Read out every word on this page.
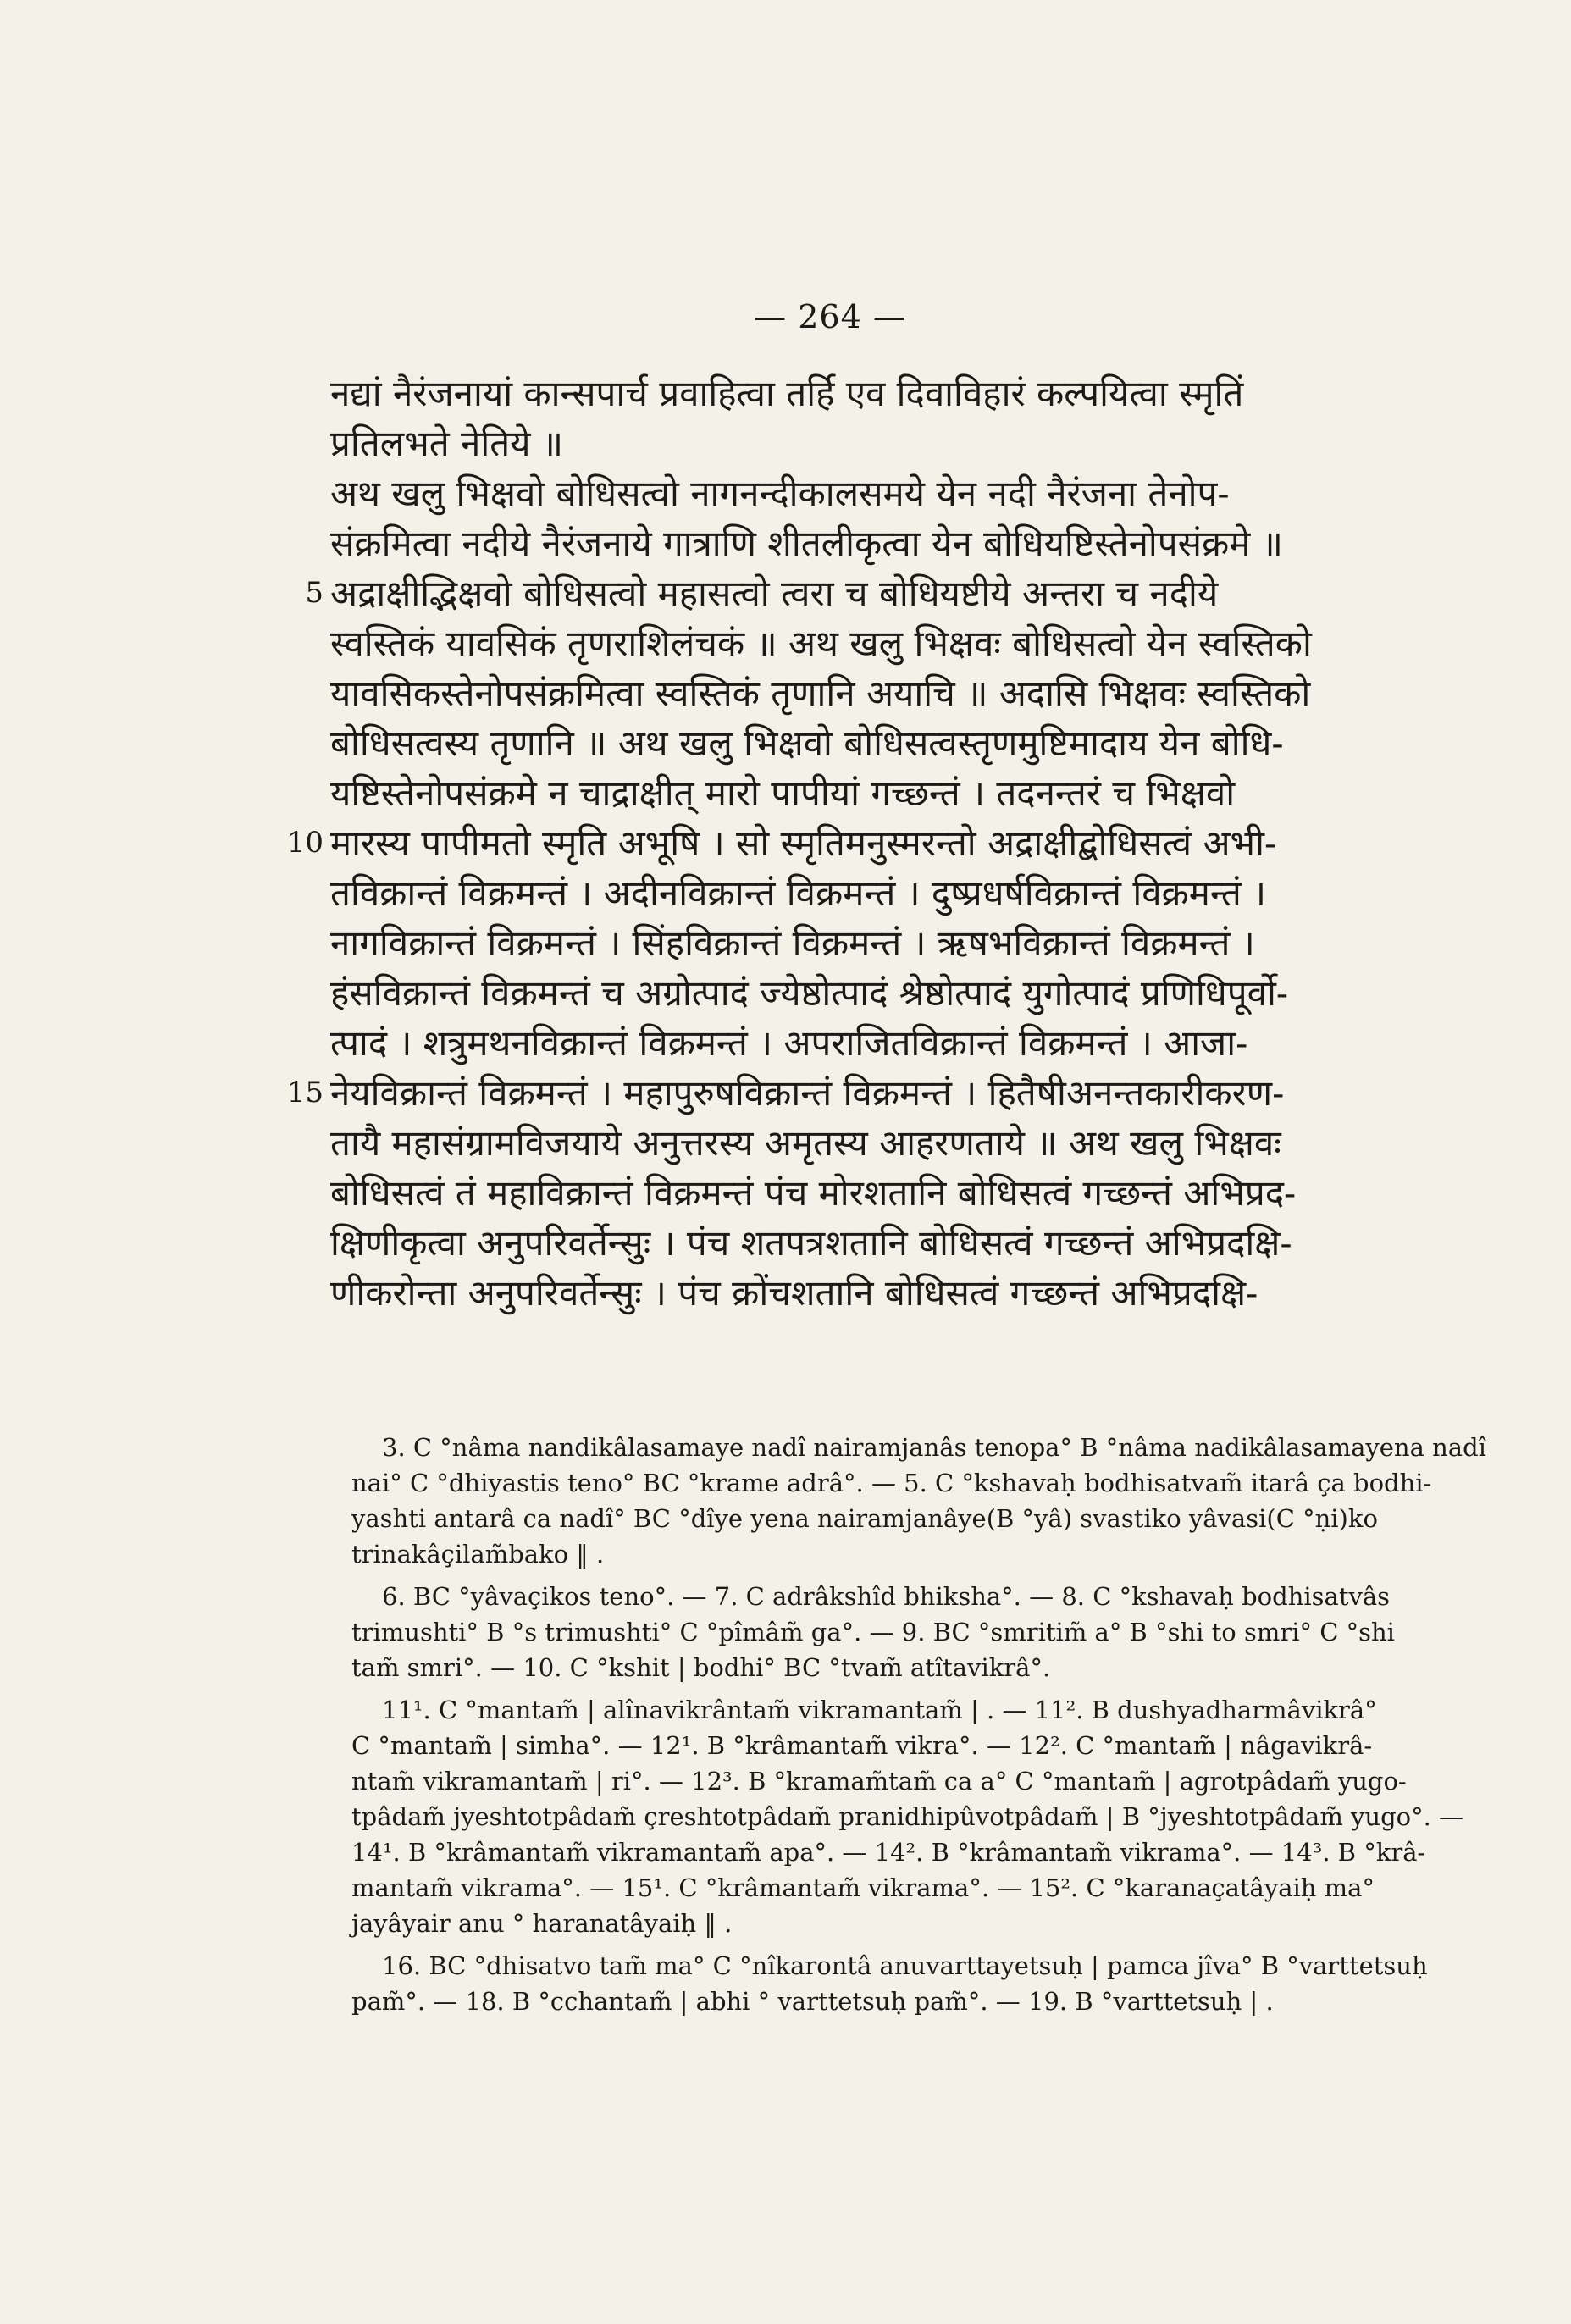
— 264 —
नद्यां नैरंजनायां कान्सपार्च प्रवाहित्वा तर्हि एव दिवाविहारं कल्पयित्वा स्मृतिं
प्रतिलभते नेतिये ॥
अथ खलु भिक्षवो बोधिसत्वो नागनन्दीकालसमये येन नदी नैरंजना तेनोप-
संक्रमित्वा नदीये नैरंजनाये गात्राणि शीतलीकृत्वा येन बोधियष्टिस्तेनोपसंक्रमे ॥
5 अद्राक्षीद्भिक्षवो बोधिसत्वो महासत्वो त्वरा च बोधियष्टीये अन्तरा च नदीये
स्वस्तिकं यावसिकं तृणराशिलंचकं ॥ अथ खलु भिक्षवः बोधिसत्वो येन स्वस्तिको
यावसिकस्तेनोपसंक्रमित्वा स्वस्तिकं तृणानि अयाचि ॥ अदासि भिक्षवः स्वस्तिको
बोधिसत्वस्य तृणानि ॥ अथ खलु भिक्षवो बोधिसत्वस्तृणमुष्टिमादाय येन बोधि-
यष्टिस्तेनोपसंक्रमे न चाद्राक्षीत् मारो पापीयां गच्छन्तं । तदनन्तरं च भिक्षवो
10 मारस्य पापीमतो स्मृति अभूषि । सो स्मृतिमनुस्मरन्तो अद्राक्षीद्बोधिसत्वं अभी-
तविक्रान्तं विक्रमन्तं । अदीनविक्रान्तं विक्रमन्तं । दुष्प्रधर्षविक्रान्तं विक्रमन्तं ।
नागविक्रान्तं विक्रमन्तं । सिंहविक्रान्तं विक्रमन्तं । ऋषभविक्रान्तं विक्रमन्तं ।
हंसविक्रान्तं विक्रमन्तं च अग्रोत्पादं ज्येष्ठोत्पादं श्रेष्ठोत्पादं युगोत्पादं प्रणिधिपूर्वो-
त्पादं । शत्रुमथनविक्रान्तं विक्रमन्तं । अपराजितविक्रान्तं विक्रमन्तं । आजा-
15 नेयविक्रान्तं विक्रमन्तं । महापुरुषविक्रान्तं विक्रमन्तं । हितैषीअनन्तकारीकरण-
तायै महासंग्रामविजयाये अनुत्तरस्य अमृतस्य आहरणताये ॥ अथ खलु भिक्षवः
बोधिसत्वं तं महाविक्रान्तं विक्रमन्तं पंच मोरशतानि बोधिसत्वं गच्छन्तं अभिप्रद-
क्षिणीकृत्वा अनुपरिवर्तेन्सुः । पंच शतपत्रशतानि बोधिसत्वं गच्छन्तं अभिप्रदक्षि-
णीकरोन्ता अनुपरिवर्तेन्सुः । पंच क्रोंचशतानि बोधिसत्वं गच्छन्तं अभिप्रदक्षि-
3. C °nâma nandikâlasamaye nadî nairamjanâs tenopa° B °nâma nadikâlasamayena nadî
nai° C °dhiyastis teno° BC °krame adrâ°. — 5. C °kshavaḥ bodhisatvam̃ itarâ ça bodhi-
yashti antarâ ca nadî° BC °dîye yena nairamjanâye(B °yâ) svastiko yâvasi(C °ṇi)ko
trinakâçilam̃bako ‖ .
6. BC °yâvaçikos teno°. — 7. C adrâkshîd bhiksha°. — 8. C °kshavaḥ bodhisatvâs
trimushti° B °s trimushti° C °pîmâm̃ ga°. — 9. BC °smritim̃ a° B °shi to smri° C °shi
tam̃ smri°. — 10. C °kshit | bodhi° BC °tvam̃ atîtavikrâ°.
11¹. C °mantam̃ | alînavikrântam̃ vikramantam̃ | . — 11². B dushyadharmâvikrâ°
C °mantam̃ | simha°. — 12¹. B °krâmantam̃ vikra°. — 12². C °mantam̃ | nâgavikrâ-
ntam̃ vikramantam̃ | ri°. — 12³. B °kramam̃tam̃ ca a° C °mantam̃ | agrotpâdam̃ yugo-
tpâdam̃ jyeshtotpâdam̃ çreshtotpâdam̃ pranidhipûvotpâdam̃ | B °jyeshtotpâdam̃ yugo°. —
14¹. B °krâmantam̃ vikramantam̃ apa°. — 14². B °krâmantam̃ vikrama°. — 14³. B °krâ-
mantam̃ vikrama°. — 15¹. C °krâmantam̃ vikrama°. — 15². C °karanaçatâyaiḥ ma°
jayâyair anu ° haranatâyaiḥ ‖ .
16. BC °dhisatvo tam̃ ma° C °nîkarontâ anuvarttayetsuḥ | pamca jîva° B °varttetsuḥ
pam̃°. — 18. B °cchantam̃ | abhi ° varttetsuḥ pam̃°. — 19. B °varttetsuḥ | .
